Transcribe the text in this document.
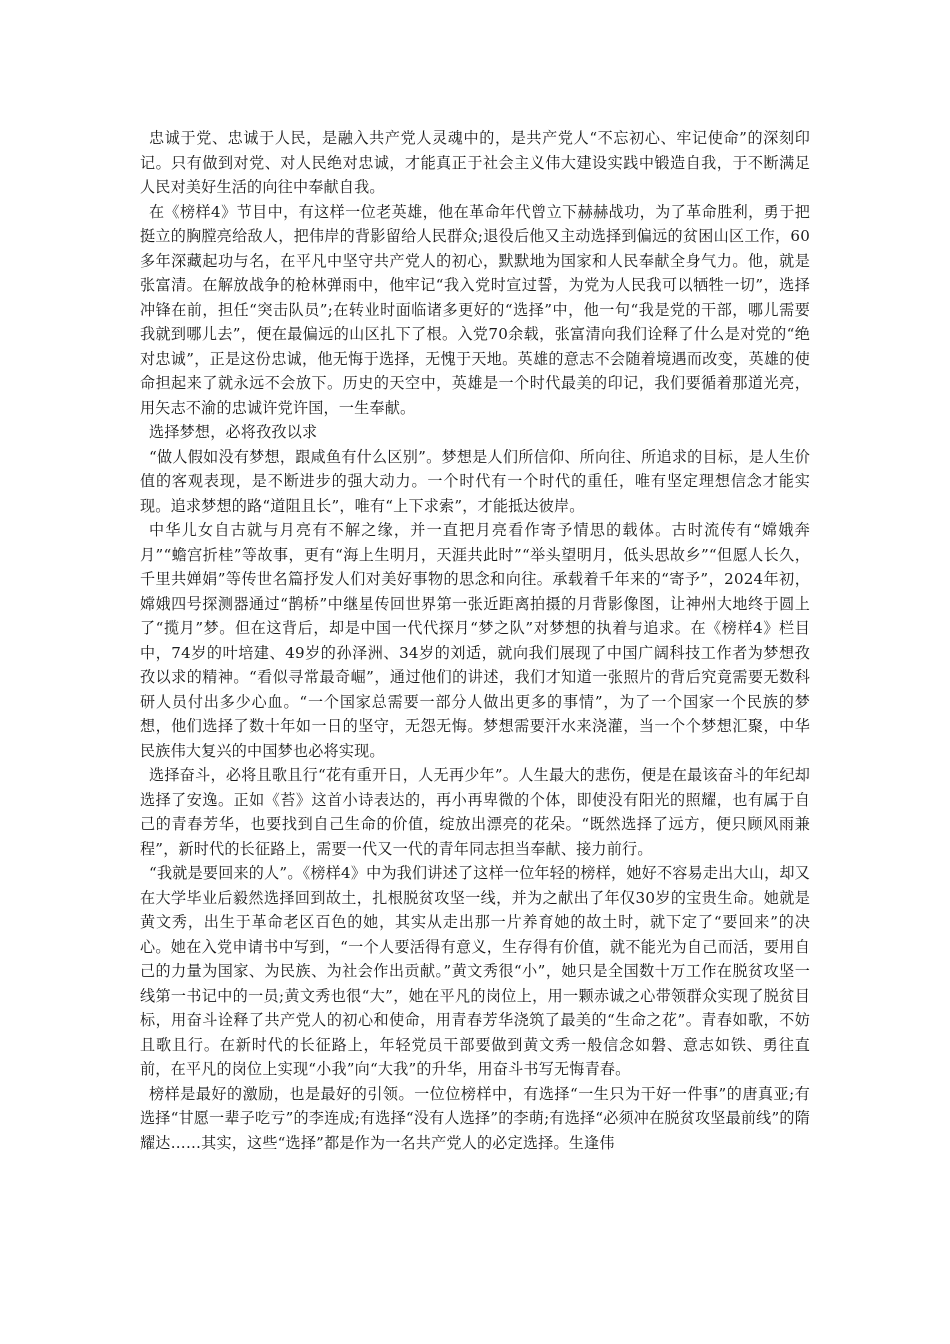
忠诚于党、忠诚于人民，是融入共产党人灵魂中的，是共产党人“不忘初心、牢记使命”的深刻印记。只有做到对党、对人民绝对忠诚，才能真正于社会主义伟大建设实践中锻造自我，于不断满足人民对美好生活的向往中奉献自我。

在《榜样4》节目中，有这样一位老英雄，他在革命年代曾立下赫赫战功，为了革命胜利，勇于把挺立的胸膛亮给敌人，把伟岸的背影留给人民群众;退役后他又主动选择到偏远的贫困山区工作，60多年深藏起功与名，在平凡中坚守共产党人的初心，默默地为国家和人民奉献全身气力。他，就是张富清。在解放战争的枪林弹雨中，他牢记“我入党时宣过誓，为党为人民我可以牺牲一切”，选择冲锋在前，担任“突击队员”;在转业时面临诸多更好的“选择”中，他一句“我是党的干部，哪儿需要我就到哪儿去”，便在最偏远的山区扎下了根。入党70余载，张富清向我们诠释了什么是对党的“绝对忠诚”，正是这份忠诚，他无悔于选择，无愧于天地。英雄的意志不会随着境遇而改变，英雄的使命担起来了就永远不会放下。历史的天空中，英雄是一个时代最美的印记，我们要循着那道光亮，用矢志不渝的忠诚许党许国，一生奉献。

选择梦想，必将孜孜以求

“做人假如没有梦想，跟咸鱼有什么区别”。梦想是人们所信仰、所向往、所追求的目标，是人生价值的客观表现，是不断进步的强大动力。一个时代有一个时代的重任，唯有坚定理想信念才能实现。追求梦想的路“道阻且长”，唯有“上下求索”，才能抵达彼岸。

中华儿女自古就与月亮有不解之缘，并一直把月亮看作寄予情思的载体。古时流传有“嫦娥奔月”“蟾宫折桂”等故事，更有“海上生明月，天涯共此时”“举头望明月，低头思故乡”“但愿人长久，千里共婵娟”等传世名篇抒发人们对美好事物的思念和向往。承载着千年来的“寄予”，2024年初，嫦娥四号探测器通过“鹊桥”中继星传回世界第一张近距离拍摄的月背影像图，让神州大地终于圆上了“揽月”梦。但在这背后，却是中国一代代探月“梦之队”对梦想的执着与追求。在《榜样4》栏目中，74岁的叶培建、49岁的孙泽洲、34岁的刘适，就向我们展现了中国广阔科技工作者为梦想孜孜以求的精神。“看似寻常最奇崛”，通过他们的讲述，我们才知道一张照片的背后究竟需要无数科研人员付出多少心血。“一个国家总需要一部分人做出更多的事情”，为了一个国家一个民族的梦想，他们选择了数十年如一日的坚守，无怨无悔。梦想需要汗水来浇灌，当一个个梦想汇聚，中华民族伟大复兴的中国梦也必将实现。

选择奋斗，必将且歌且行“花有重开日，人无再少年”。人生最大的悲伤，便是在最该奋斗的年纪却选择了安逸。正如《苔》这首小诗表达的，再小再卑微的个体，即使没有阳光的照耀，也有属于自己的青春芳华，也要找到自己生命的价值，绽放出漂亮的花朵。“既然选择了远方，便只顾风雨兼程”，新时代的长征路上，需要一代又一代的青年同志担当奉献、接力前行。

“我就是要回来的人”。《榜样4》中为我们讲述了这样一位年轻的榜样，她好不容易走出大山，却又在大学毕业后毅然选择回到故土，扎根脱贫攻坚一线，并为之献出了年仅30岁的宝贵生命。她就是黄文秀，出生于革命老区百色的她，其实从走出那一片养育她的故土时，就下定了“要回来”的决心。她在入党申请书中写到，“一个人要活得有意义，生存得有价值，就不能光为自己而活，要用自己的力量为国家、为民族、为社会作出贡献。”黄文秀很“小”，她只是全国数十万工作在脱贫攻坚一线第一书记中的一员;黄文秀也很“大”，她在平凡的岗位上，用一颗赤诚之心带领群众实现了脱贫目标，用奋斗诠释了共产党人的初心和使命，用青春芳华浇筑了最美的“生命之花”。青春如歌，不妨且歌且行。在新时代的长征路上，年轻党员干部要做到黄文秀一般信念如磐、意志如铁、勇往直前，在平凡的岗位上实现“小我”向“大我”的升华，用奋斗书写无悔青春。

榜样是最好的激励，也是最好的引领。一位位榜样中，有选择“一生只为干好一件事”的唐真亚;有选择“甘愿一辈子吃亏”的李连成;有选择“没有人选择”的李萌;有选择“必须冲在脱贫攻坚最前线”的隋耀达……其实，这些“选择”都是作为一名共产党人的必定选择。生逢伟
